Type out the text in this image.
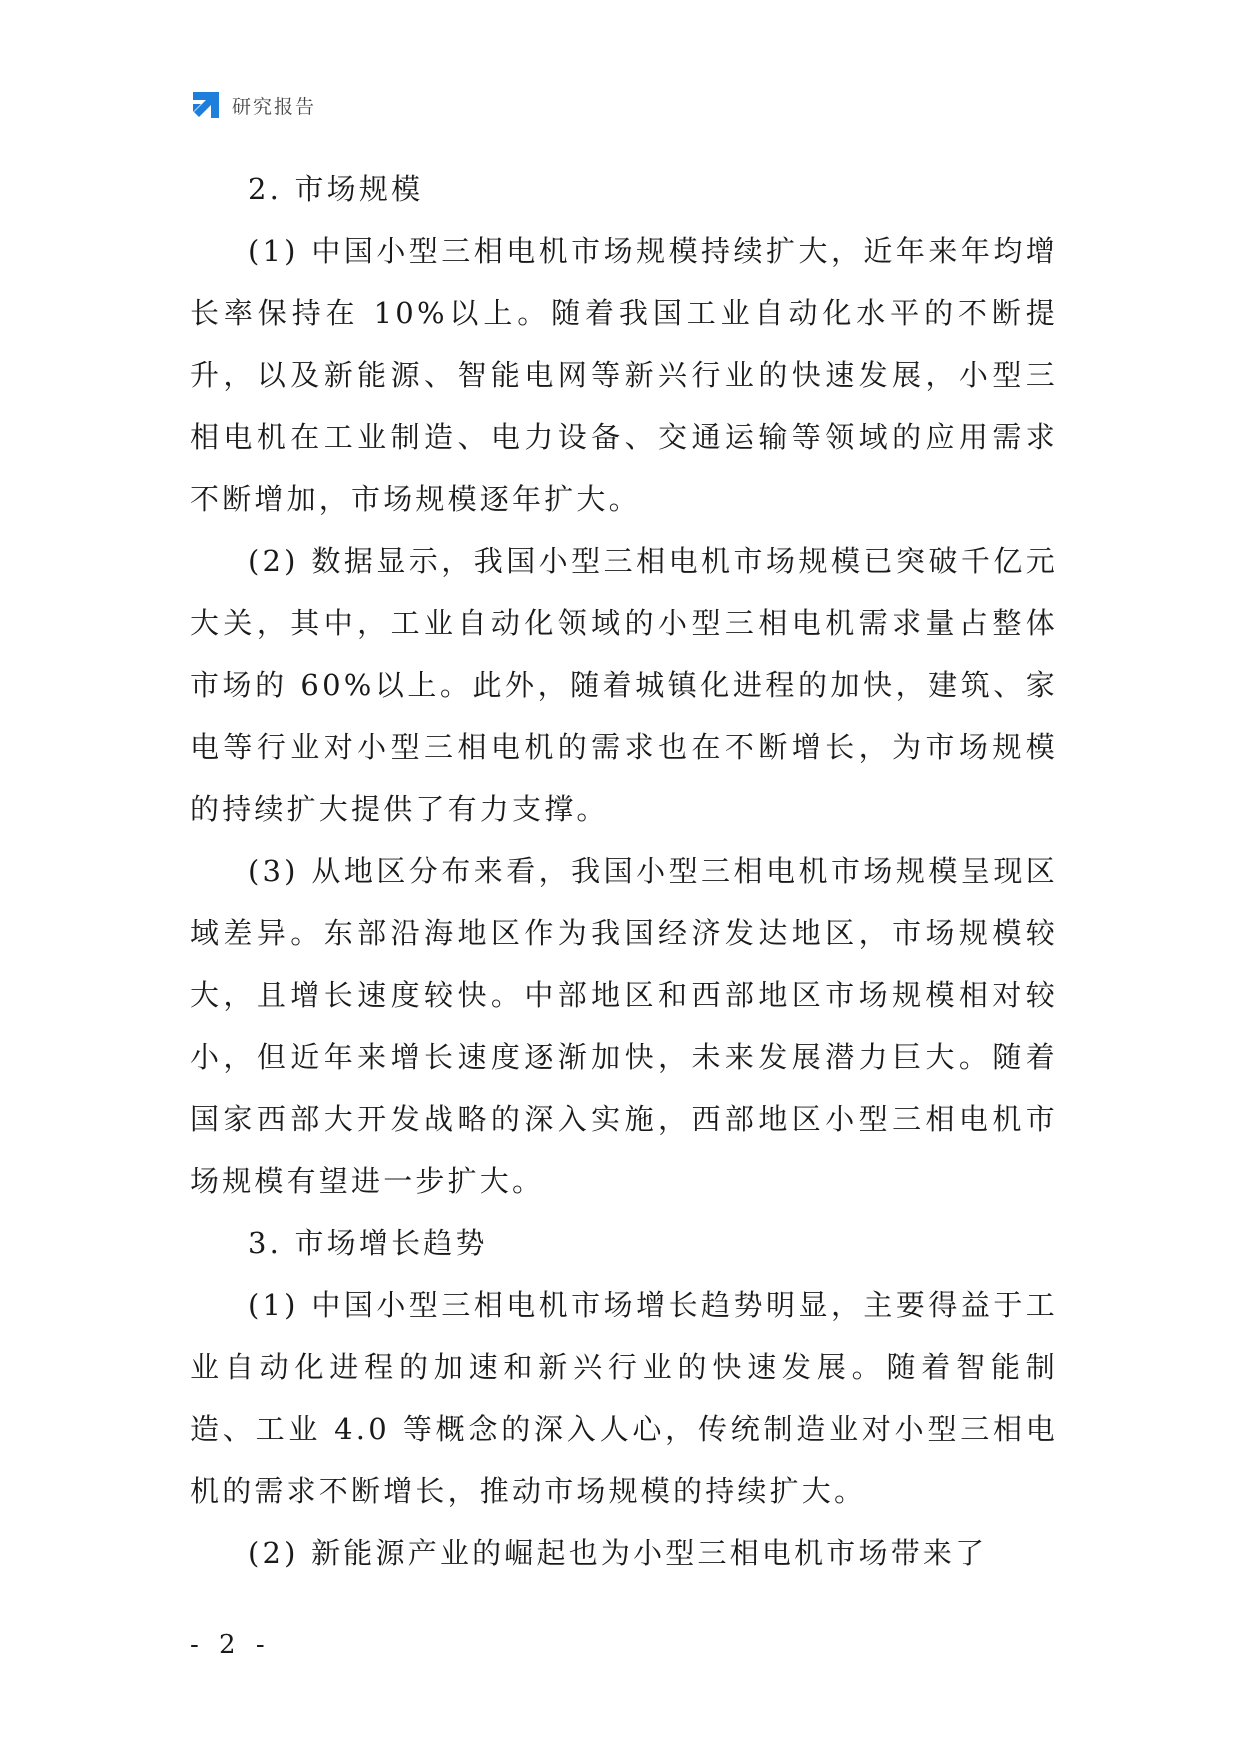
研究报告

2. 市场规模

(1) 中国小型三相电机市场规模持续扩大，近年来年均增长率保持在 10%以上。随着我国工业自动化水平的不断提升，以及新能源、智能电网等新兴行业的快速发展，小型三相电机在工业制造、电力设备、交通运输等领域的应用需求不断增加，市场规模逐年扩大。

(2) 数据显示，我国小型三相电机市场规模已突破千亿元大关，其中，工业自动化领域的小型三相电机需求量占整体市场的 60%以上。此外，随着城镇化进程的加快，建筑、家电等行业对小型三相电机的需求也在不断增长，为市场规模的持续扩大提供了有力支撑。

(3) 从地区分布来看，我国小型三相电机市场规模呈现区域差异。东部沿海地区作为我国经济发达地区，市场规模较大，且增长速度较快。中部地区和西部地区市场规模相对较小，但近年来增长速度逐渐加快，未来发展潜力巨大。随着国家西部大开发战略的深入实施，西部地区小型三相电机市场规模有望进一步扩大。

3. 市场增长趋势

(1) 中国小型三相电机市场增长趋势明显，主要得益于工业自动化进程的加速和新兴行业的快速发展。随着智能制造、工业 4.0 等概念的深入人心，传统制造业对小型三相电机的需求不断增长，推动市场规模的持续扩大。

(2) 新能源产业的崛起也为小型三相电机市场带来了

- 2 -
